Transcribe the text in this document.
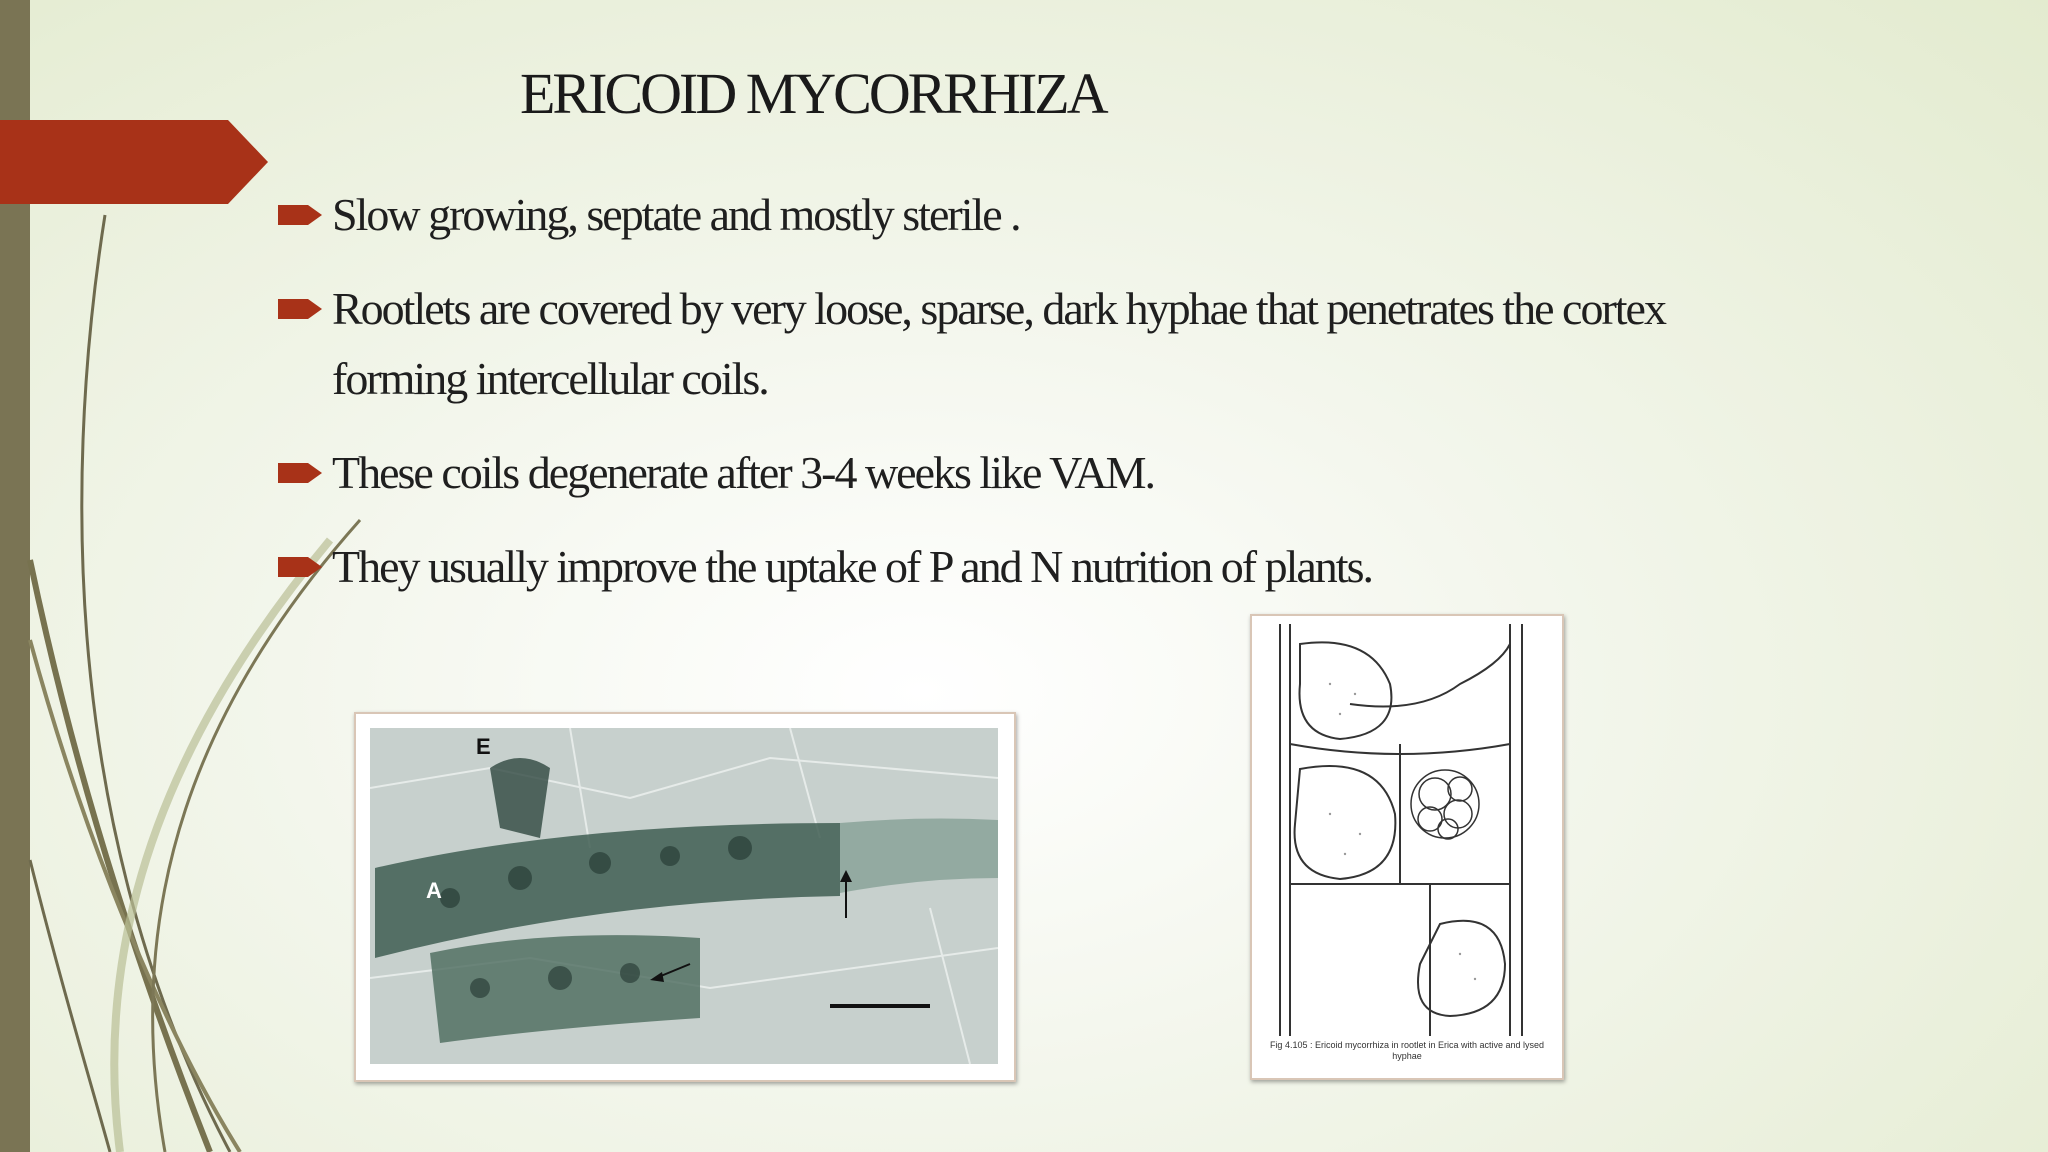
ERICOID MYCORRHIZA
Slow growing, septate and mostly sterile .
Rootlets are covered by very loose, sparse, dark hyphae that penetrates the cortex forming intercellular coils.
These coils degenerate after 3-4 weeks like VAM.
They usually improve the uptake of P and N nutrition of plants.
E
A
Fig 4.105 : Ericoid mycorrhiza in rootlet in Erica with active and lysed hyphae
